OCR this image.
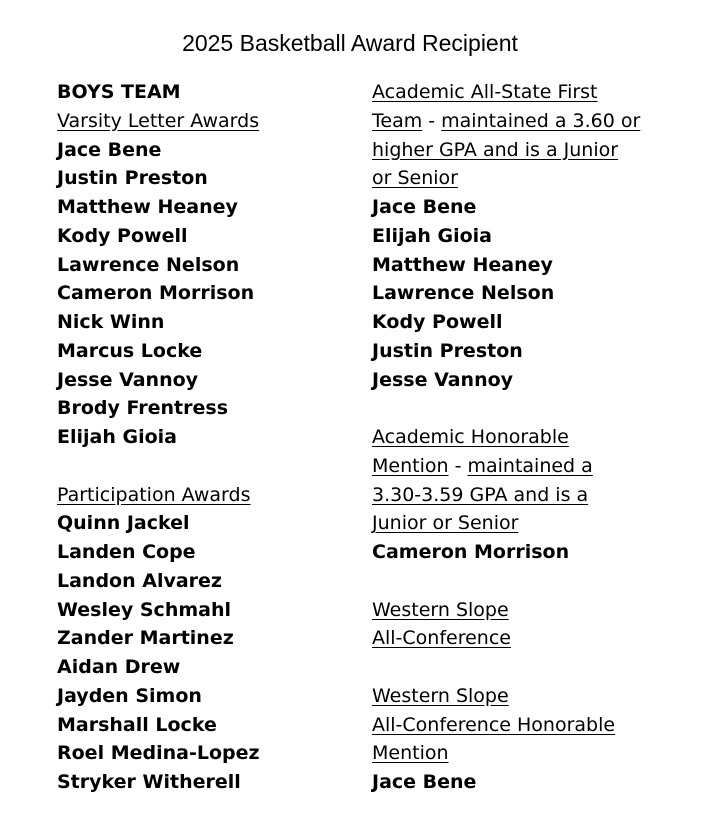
2025 Basketball Award Recipient
BOYS TEAM
Varsity Letter Awards
Jace Bene
Justin Preston
Matthew Heaney
Kody Powell
Lawrence Nelson
Cameron Morrison
Nick Winn
Marcus Locke
Jesse Vannoy
Brody Frentress
Elijah Gioia
Participation Awards
Quinn Jackel
Landen Cope
Landon Alvarez
Wesley Schmahl
Zander Martinez
Aidan Drew
Jayden Simon
Marshall Locke
Roel Medina-Lopez
Stryker Witherell
Academic All-State First
Team - maintained a 3.60 or
higher GPA and is a Junior
or Senior
Jace Bene
Elijah Gioia
Matthew Heaney
Lawrence Nelson
Kody Powell
Justin Preston
Jesse Vannoy
Academic Honorable
Mention - maintained a
3.30-3.59 GPA and is a
Junior or Senior
Cameron Morrison
Western Slope
All-Conference
Western Slope
All-Conference Honorable
Mention
Jace Bene
